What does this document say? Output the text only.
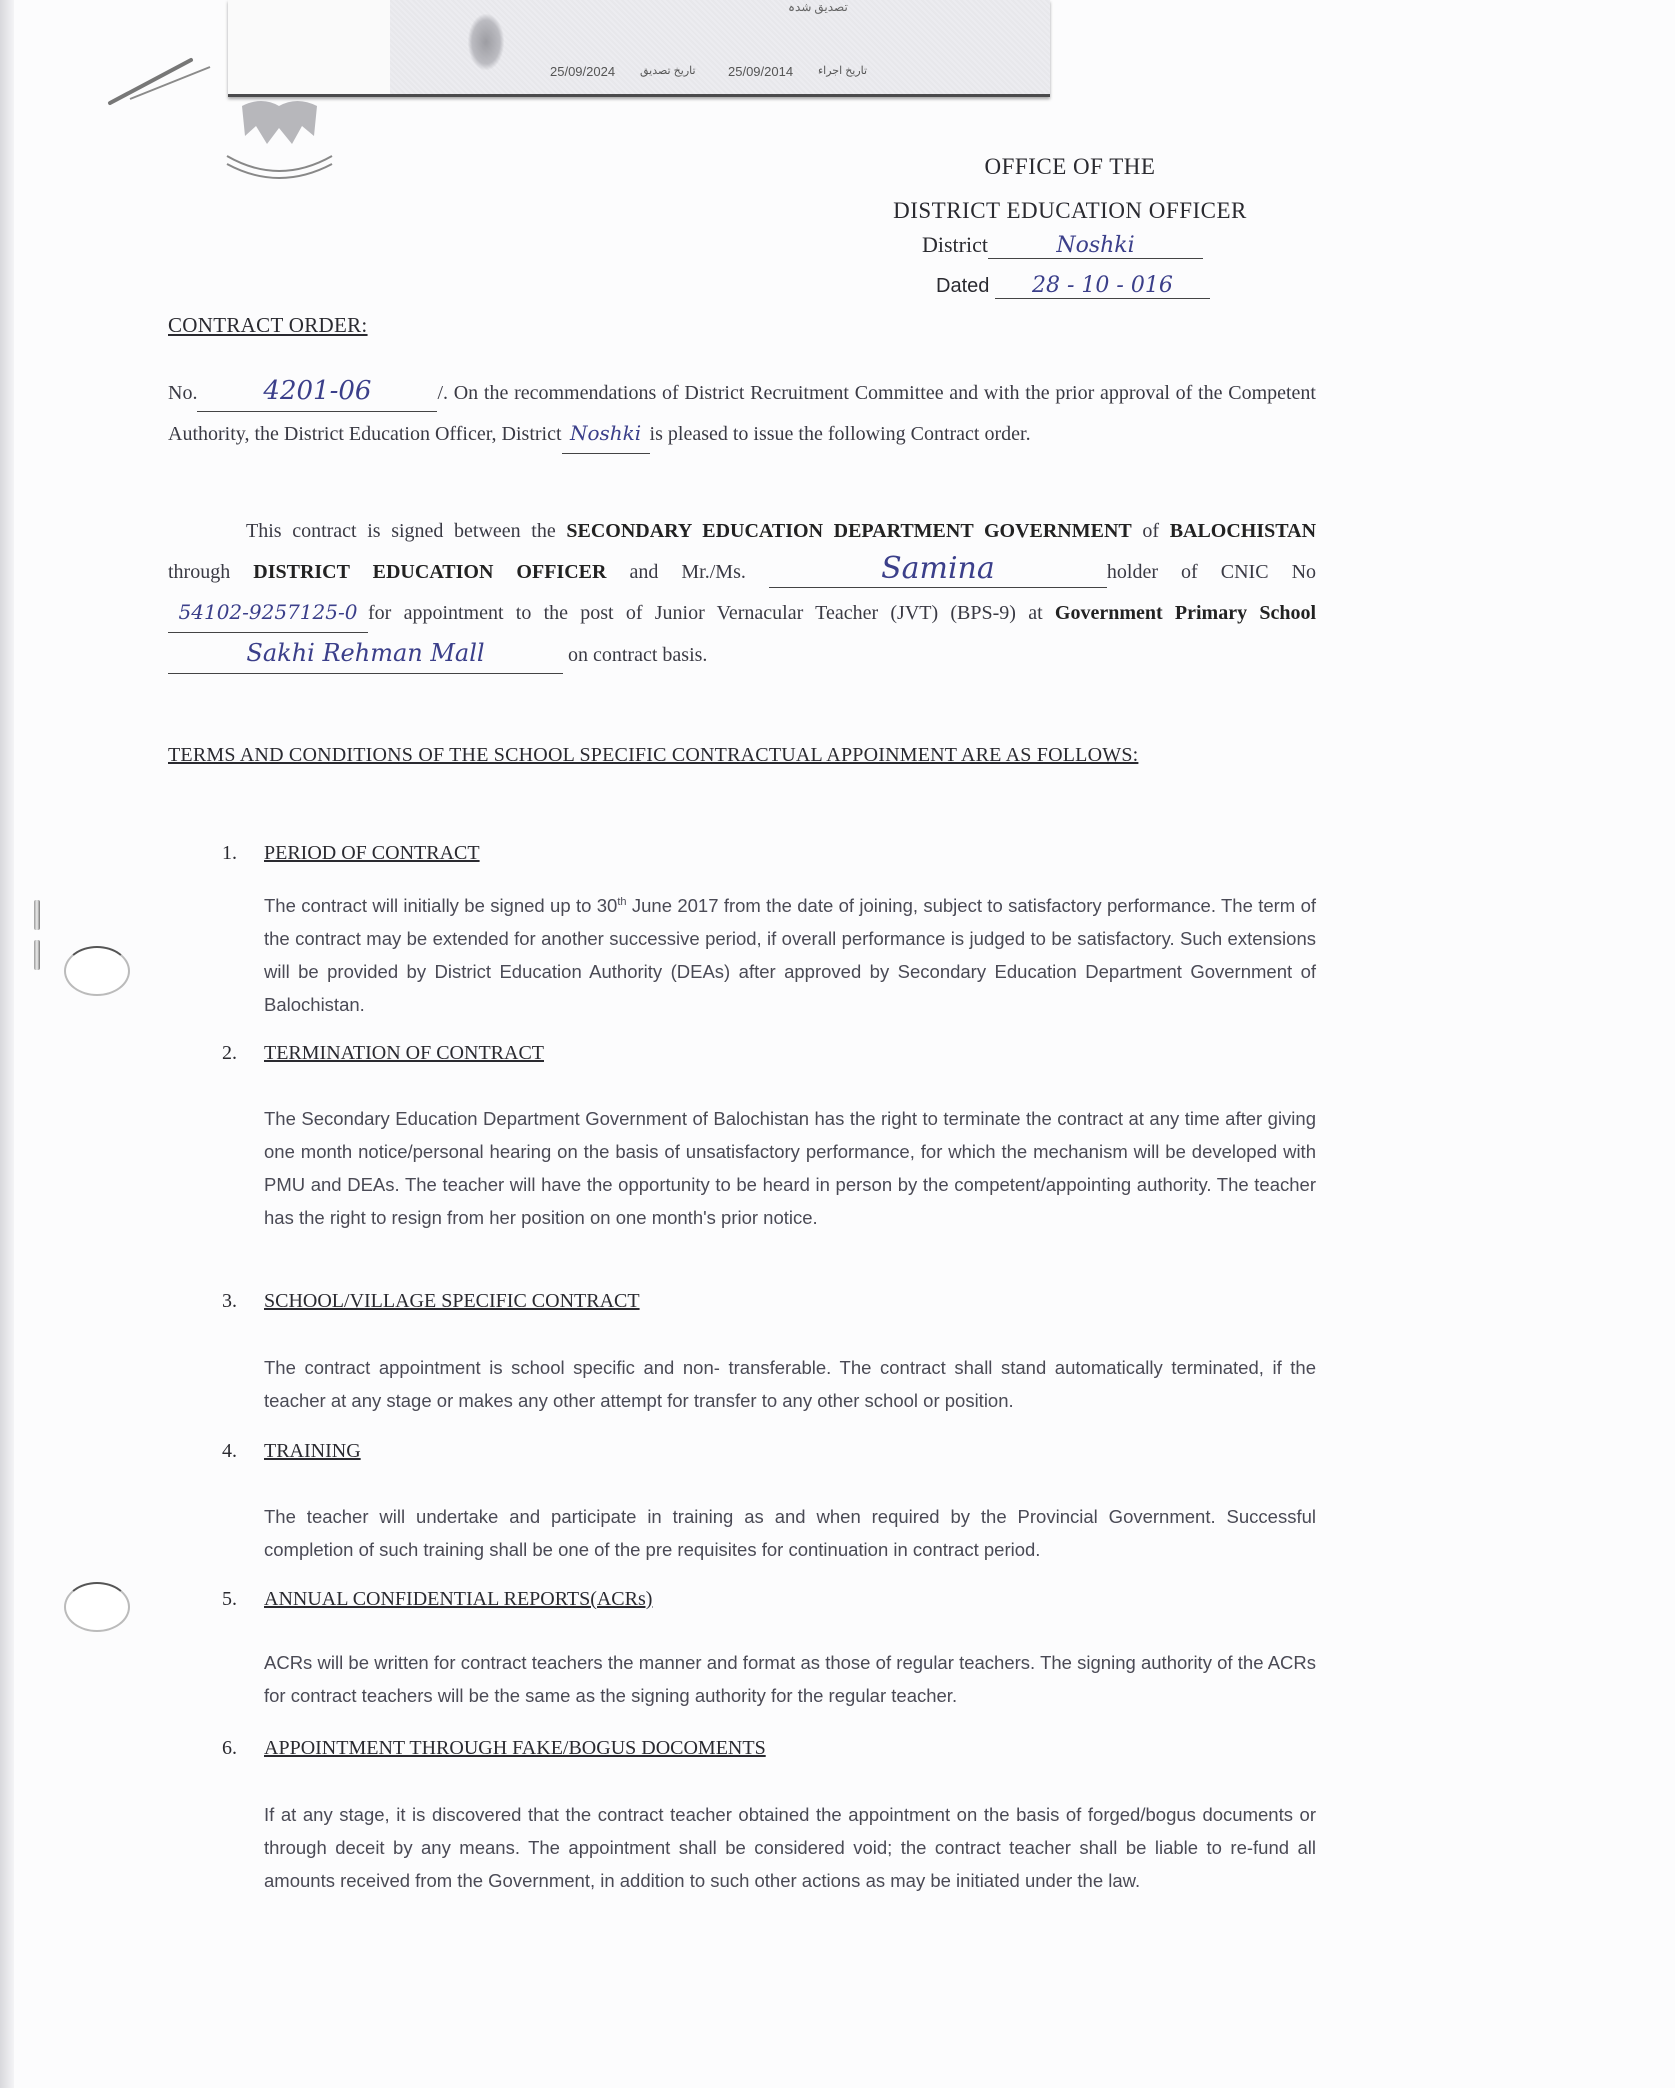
تصدیق شدہ
25/09/2024 تاریخ تصدیق 25/09/2014 تاریخ اجراء
OFFICE OF THE
DISTRICT EDUCATION OFFICER
District	Noshki
Dated 28 - 10 - 016
CONTRACT ORDER:
No.	4201-06	/. On the recommendations of District Recruitment Committee and with the prior approval of the Competent Authority, the District Education Officer, District Noshki is pleased to issue the following Contract order.
This contract is signed between the SECONDARY EDUCATION DEPARTMENT GOVERNMENT of BALOCHISTAN through DISTRICT EDUCATION OFFICER and Mr./Ms.	Samina	holder of CNIC No54102-9257125-0 for appointment to the post of Junior Vernacular Teacher (JVT) (BPS-9) at Government Primary School Sakhi Rehman Mall	on contract basis.
TERMS AND CONDITIONS OF THE SCHOOL SPECIFIC CONTRACTUAL APPOINMENT ARE AS FOLLOWS:
1. PERIOD OF CONTRACT
The contract will initially be signed up to 30th June 2017 from the date of joining, subject to satisfactory performance. The term of the contract may be extended for another successive period, if overall performance is judged to be satisfactory. Such extensions will be provided by District Education Authority (DEAs) after approved by Secondary Education Department Government of Balochistan.
2. TERMINATION OF CONTRACT
The Secondary Education Department Government of Balochistan has the right to terminate the contract at any time after giving one month notice/personal hearing on the basis of unsatisfactory performance, for which the mechanism will be developed with PMU and DEAs. The teacher will have the opportunity to be heard in person by the competent/appointing authority. The teacher has the right to resign from her position on one month's prior notice.
3. SCHOOL/VILLAGE SPECIFIC CONTRACT
The contract appointment is school specific and non- transferable. The contract shall stand automatically terminated, if the teacher at any stage or makes any other attempt for transfer to any other school or position.
4. TRAINING
The teacher will undertake and participate in training as and when required by the Provincial Government. Successful completion of such training shall be one of the pre requisites for continuation in contract period.
5. ANNUAL CONFIDENTIAL REPORTS(ACRs)
ACRs will be written for contract teachers the manner and format as those of regular teachers. The signing authority of the ACRs for contract teachers will be the same as the signing authority for the regular teacher.
6. APPOINTMENT THROUGH FAKE/BOGUS DOCOMENTS
If at any stage, it is discovered that the contract teacher obtained the appointment on the basis of forged/bogus documents or through deceit by any means. The appointment shall be considered void; the contract teacher shall be liable to re-fund all amounts received from the Government, in addition to such other actions as may be initiated under the law.
